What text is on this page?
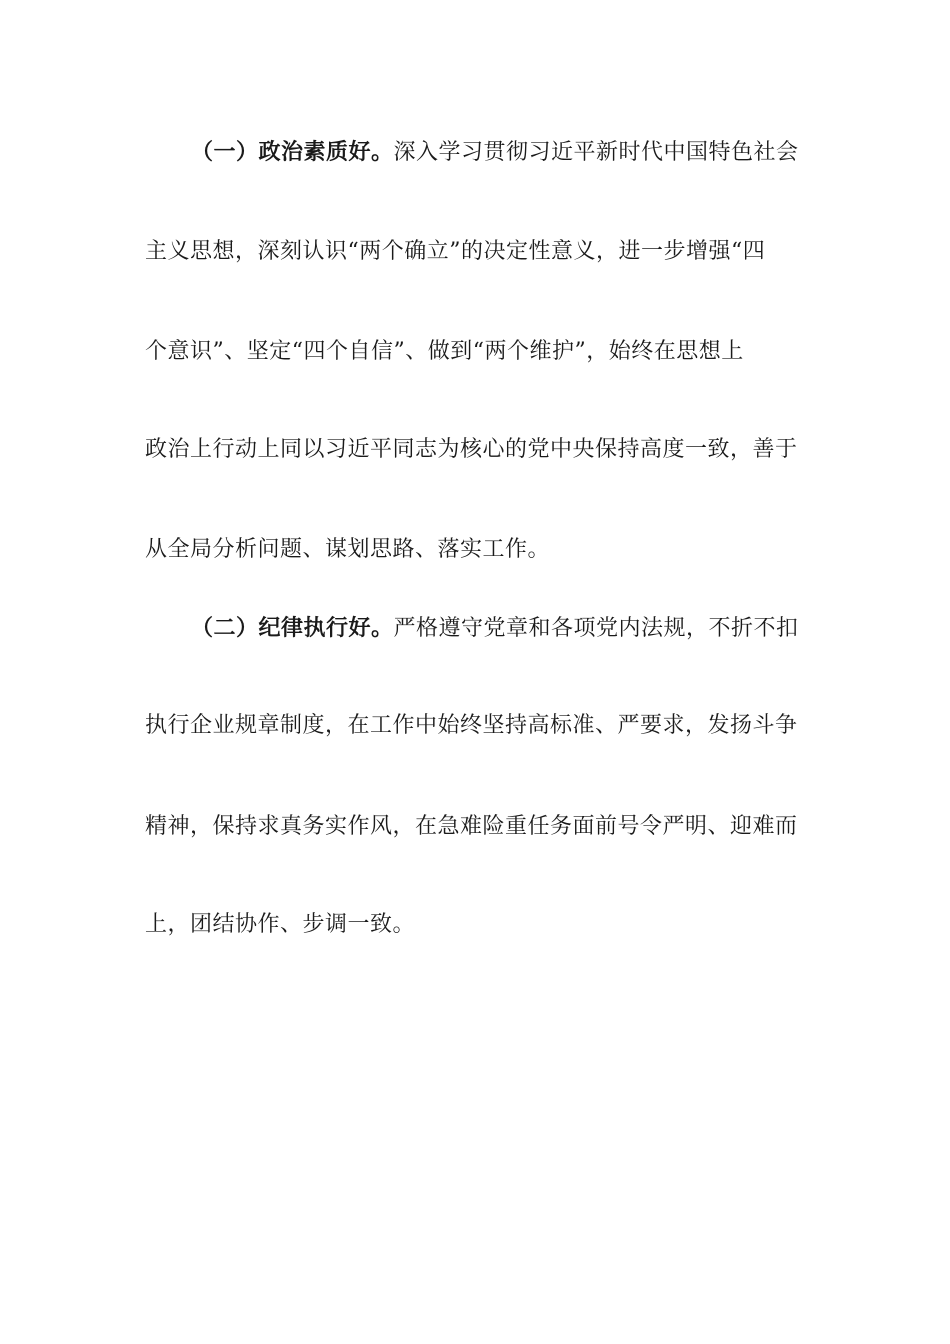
（一）政治素质好。深入学习贯彻习近平新时代中国特色社会
主义思想，深刻认识“两个确立”的决定性意义，进一步增强“四
个意识”、坚定“四个自信”、做到“两个维护”，始终在思想上
政治上行动上同以习近平同志为核心的党中央保持高度一致，善于
从全局分析问题、谋划思路、落实工作。
（二）纪律执行好。严格遵守党章和各项党内法规，不折不扣
执行企业规章制度，在工作中始终坚持高标准、严要求，发扬斗争
精神，保持求真务实作风，在急难险重任务面前号令严明、迎难而
上，团结协作、步调一致。
